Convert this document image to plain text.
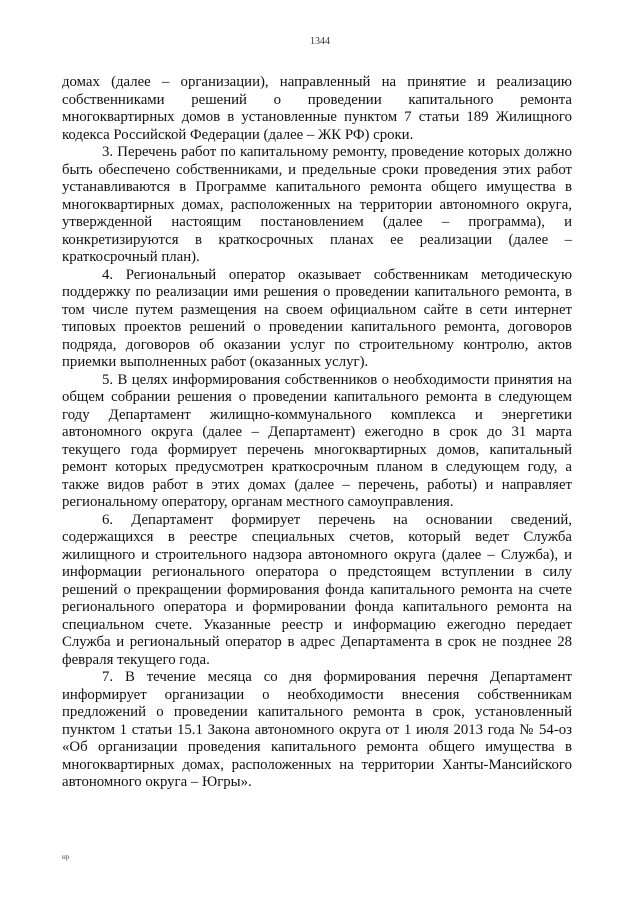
1344

домах (далее – организации), направленный на принятие и реализацию собственниками решений о проведении капитального ремонта многоквартирных домов в установленные пунктом 7 статьи 189 Жилищного кодекса Российской Федерации (далее – ЖК РФ) сроки.

3. Перечень работ по капитальному ремонту, проведение которых должно быть обеспечено собственниками, и предельные сроки проведения этих работ устанавливаются в Программе капитального ремонта общего имущества в многоквартирных домах, расположенных на территории автономного округа, утвержденной настоящим постановлением (далее – программа), и конкретизируются в краткосрочных планах ее реализации (далее – краткосрочный план).

4. Региональный оператор оказывает собственникам методическую поддержку по реализации ими решения о проведении капитального ремонта, в том числе путем размещения на своем официальном сайте в сети интернет типовых проектов решений о проведении капитального ремонта, договоров подряда, договоров об оказании услуг по строительному контролю, актов приемки выполненных работ (оказанных услуг).

5. В целях информирования собственников о необходимости принятия на общем собрании решения о проведении капитального ремонта в следующем году Департамент жилищно-коммунального комплекса и энергетики автономного округа (далее – Департамент) ежегодно в срок до 31 марта текущего года формирует перечень многоквартирных домов, капитальный ремонт которых предусмотрен краткосрочным планом в следующем году, а также видов работ в этих домах (далее – перечень, работы) и направляет региональному оператору, органам местного самоуправления.

6. Департамент формирует перечень на основании сведений, содержащихся в реестре специальных счетов, который ведет Служба жилищного и строительного надзора автономного округа (далее – Служба), и информации регионального оператора о предстоящем вступлении в силу решений о прекращении формирования фонда капитального ремонта на счете регионального оператора и формировании фонда капитального ремонта на специальном счете. Указанные реестр и информацию ежегодно передает Служба и региональный оператор в адрес Департамента в срок не позднее 28 февраля текущего года.

7. В течение месяца со дня формирования перечня Департамент информирует организации о необходимости внесения собственникам предложений о проведении капитального ремонта в срок, установленный пунктом 1 статьи 15.1 Закона автономного округа от 1 июля 2013 года № 54-оз «Об организации проведения капитального ремонта общего имущества в многоквартирных домах, расположенных на территории Ханты-Мансийского автономного округа – Югры».

нр
